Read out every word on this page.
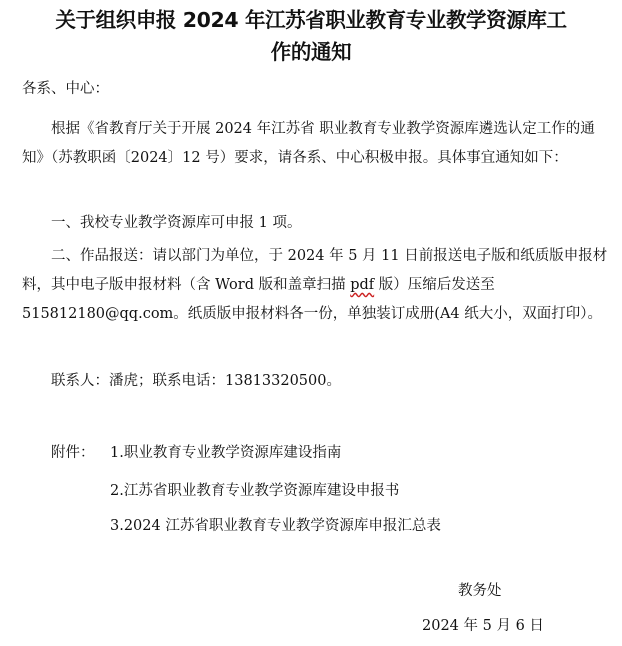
关于组织申报 2024 年江苏省职业教育专业教学资源库工
作的通知
各系、中心：
根据《省教育厅关于开展 2024 年江苏省 职业教育专业教学资源库遴选认定工作的通知》（苏教职函〔2024〕12 号）要求，请各系、中心积极申报。具体事宜通知如下：
一、我校专业教学资源库可申报 1 项。
二、作品报送：请以部门为单位，于 2024 年 5 月 11 日前报送电子版和纸质版申报材料，其中电子版申报材料（含 Word 版和盖章扫描 pdf 版）压缩后发送至 515812180@qq.com。纸质版申报材料各一份，单独装订成册(A4 纸大小，双面打印）。
联系人：潘虎；联系电话：13813320500。
附件： 1.职业教育专业教学资源库建设指南
2.江苏省职业教育专业教学资源库建设申报书
3.2024 江苏省职业教育专业教学资源库申报汇总表
教务处
2024 年 5 月 6 日
